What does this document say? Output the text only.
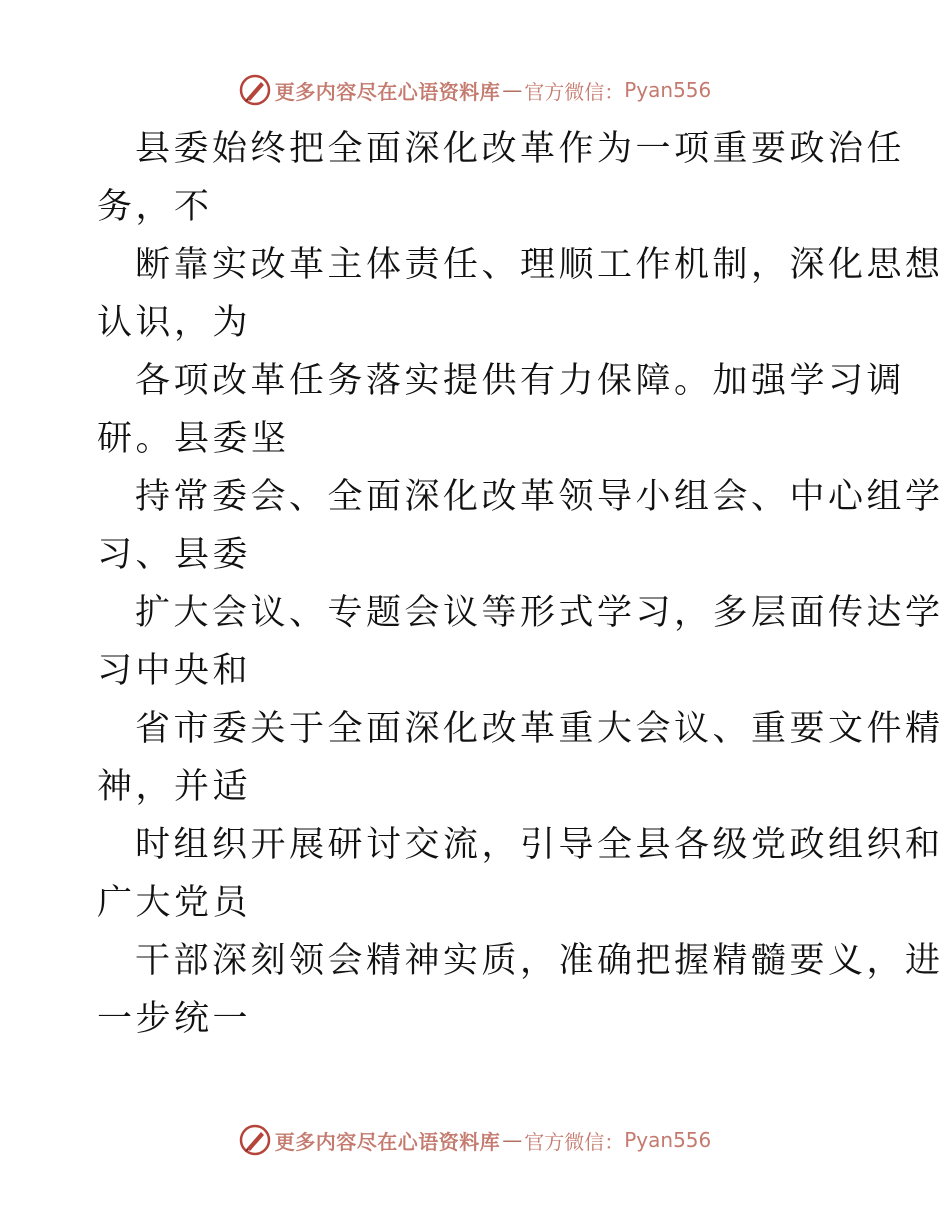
更多内容尽在心语资料库 — 官方微信： Pyan556
县委始终把全面深化改革作为一项重要政治任
务，不
断靠实改革主体责任、理顺工作机制，深化思想
认识，为
各项改革任务落实提供有力保障。加强学习调
研。县委坚
持常委会、全面深化改革领导小组会、中心组学
习、县委
扩大会议、专题会议等形式学习，多层面传达学
习中央和
省市委关于全面深化改革重大会议、重要文件精
神，并适
时组织开展研讨交流，引导全县各级党政组织和
广大党员
干部深刻领会精神实质，准确把握精髓要义，进
一步统一
更多内容尽在心语资料库 — 官方微信： Pyan556
